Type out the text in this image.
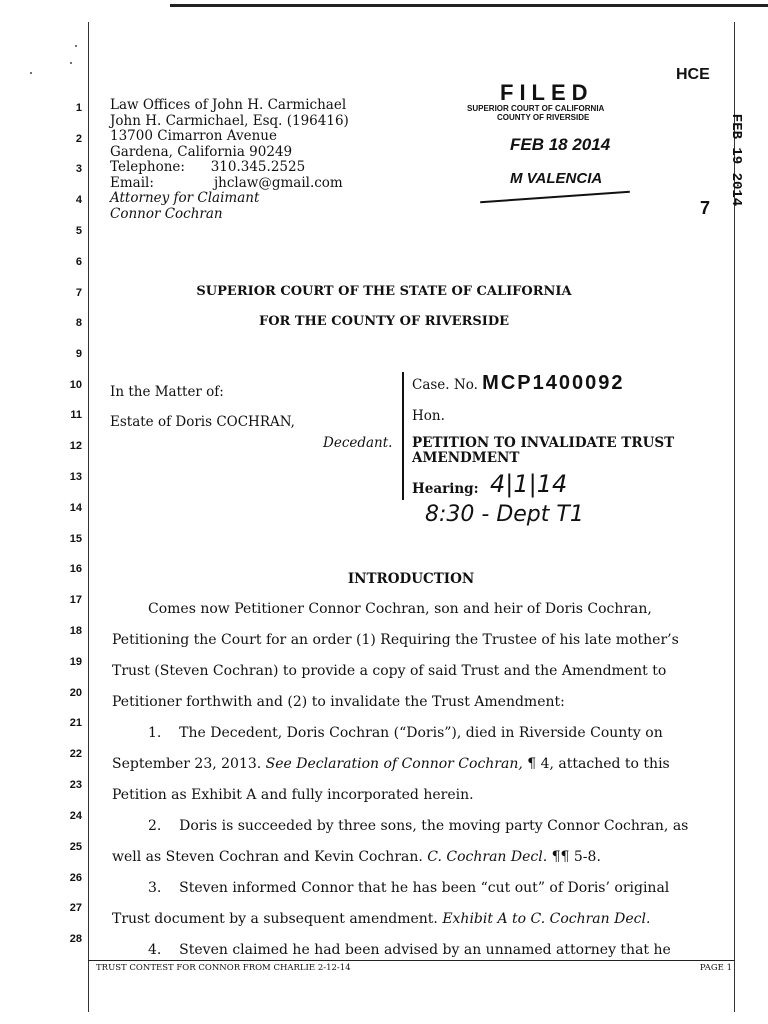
1
2
3
4
5
6
7
8
9
10
11
12
13
14
15
16
17
18
19
20
21
22
23
24
25
26
27
28
Law Offices of John H. Carmichael
John H. Carmichael, Esq. (196416)
13700 Cimarron Avenue
Gardena, California 90249
Telephone:      310.345.2525
Email:              jhclaw@gmail.com
Attorney for Claimant
Connor Cochran
FILED
SUPERIOR COURT OF CALIFORNIA
COUNTY OF RIVERSIDE
FEB 18 2014
M VALENCIA
HCE
FEB 19 2014
7
SUPERIOR COURT OF THE STATE OF CALIFORNIA
FOR THE COUNTY OF RIVERSIDE
In the Matter of:
Estate of Doris COCHRAN,
Decedant.
Case. No. MCP1400092
Hon.
PETITION TO INVALIDATE TRUST AMENDMENT
Hearing: 4|1|14
8:30 - Dept T1
INTRODUCTION
Comes now Petitioner Connor Cochran, son and heir of Doris Cochran,
Petitioning the Court for an order (1) Requiring the Trustee of his late mother’s
Trust (Steven Cochran) to provide a copy of said Trust and the Amendment to
Petitioner forthwith and (2) to invalidate the Trust Amendment:
1.    The Decedent, Doris Cochran (“Doris”), died in Riverside County on
September 23, 2013. See Declaration of Connor Cochran, ¶ 4, attached to this
Petition as Exhibit A and fully incorporated herein.
2.    Doris is succeeded by three sons, the moving party Connor Cochran, as
well as Steven Cochran and Kevin Cochran. C. Cochran Decl. ¶¶ 5-8.
3.    Steven informed Connor that he has been “cut out” of Doris’ original
Trust document by a subsequent amendment. Exhibit A to C. Cochran Decl.
4.    Steven claimed he had been advised by an unnamed attorney that he
TRUST CONTEST FOR CONNOR FROM CHARLIE 2-12-14	PAGE 1
